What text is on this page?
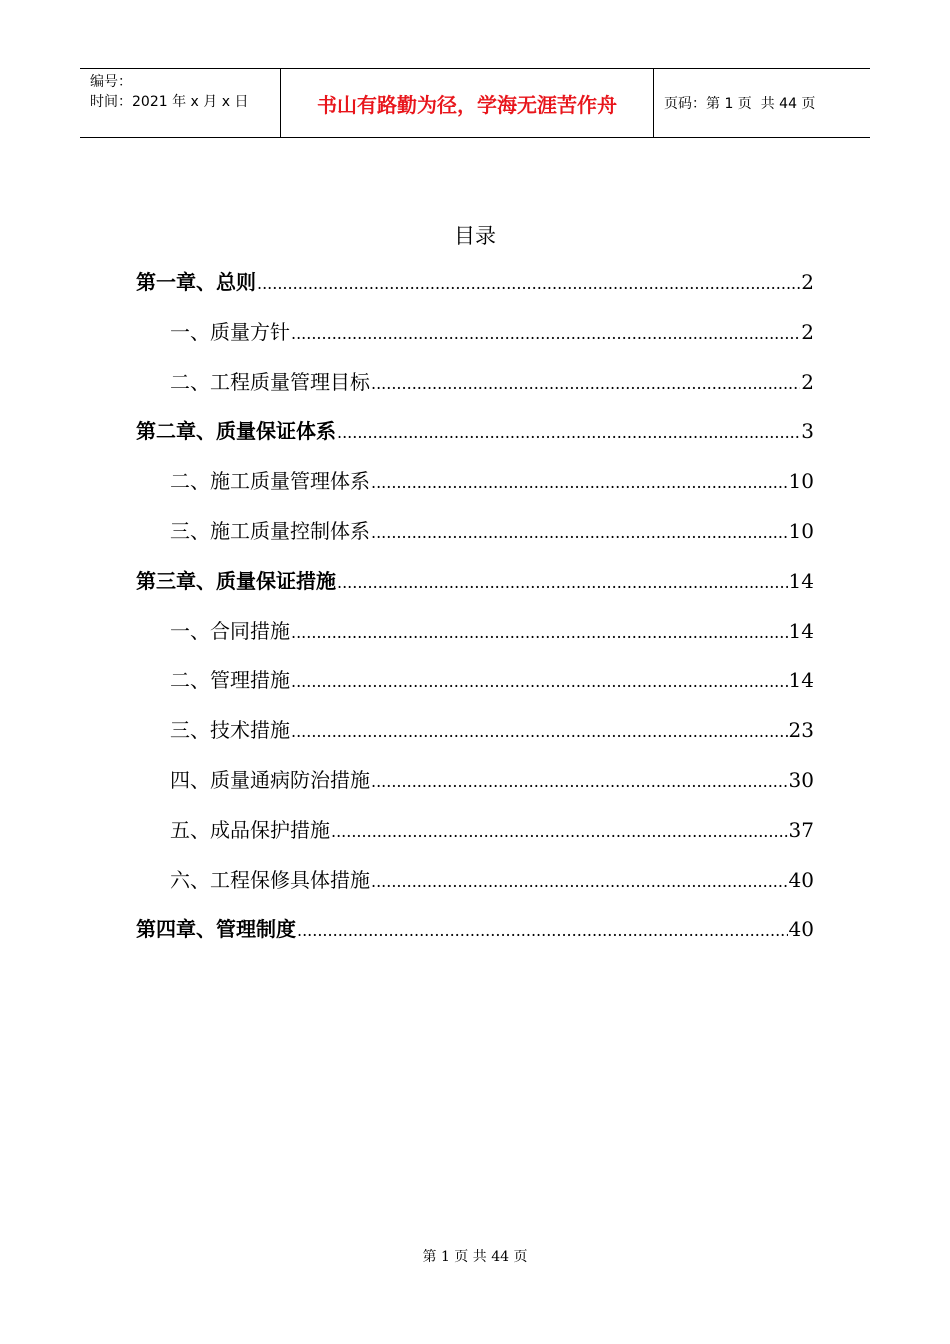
编号：
时间：2021 年 x 月 x 日	书山有路勤为径，学海无涯苦作舟	页码：第 1 页  共 44 页
目录
第一章、总则 .....	2
一、质量方针 .....	2
二、工程质量管理目标 .....	2
第二章、质量保证体系 .....	3
二、施工质量管理体系 .....	10
三、施工质量控制体系 .....	10
第三章、质量保证措施 .....	14
一、合同措施 .....	14
二、管理措施 .....	14
三、技术措施 .....	23
四、质量通病防治措施 .....	30
五、成品保护措施 .....	37
六、工程保修具体措施 .....	40
第四章、管理制度 .....	40
第 1 页 共 44 页
